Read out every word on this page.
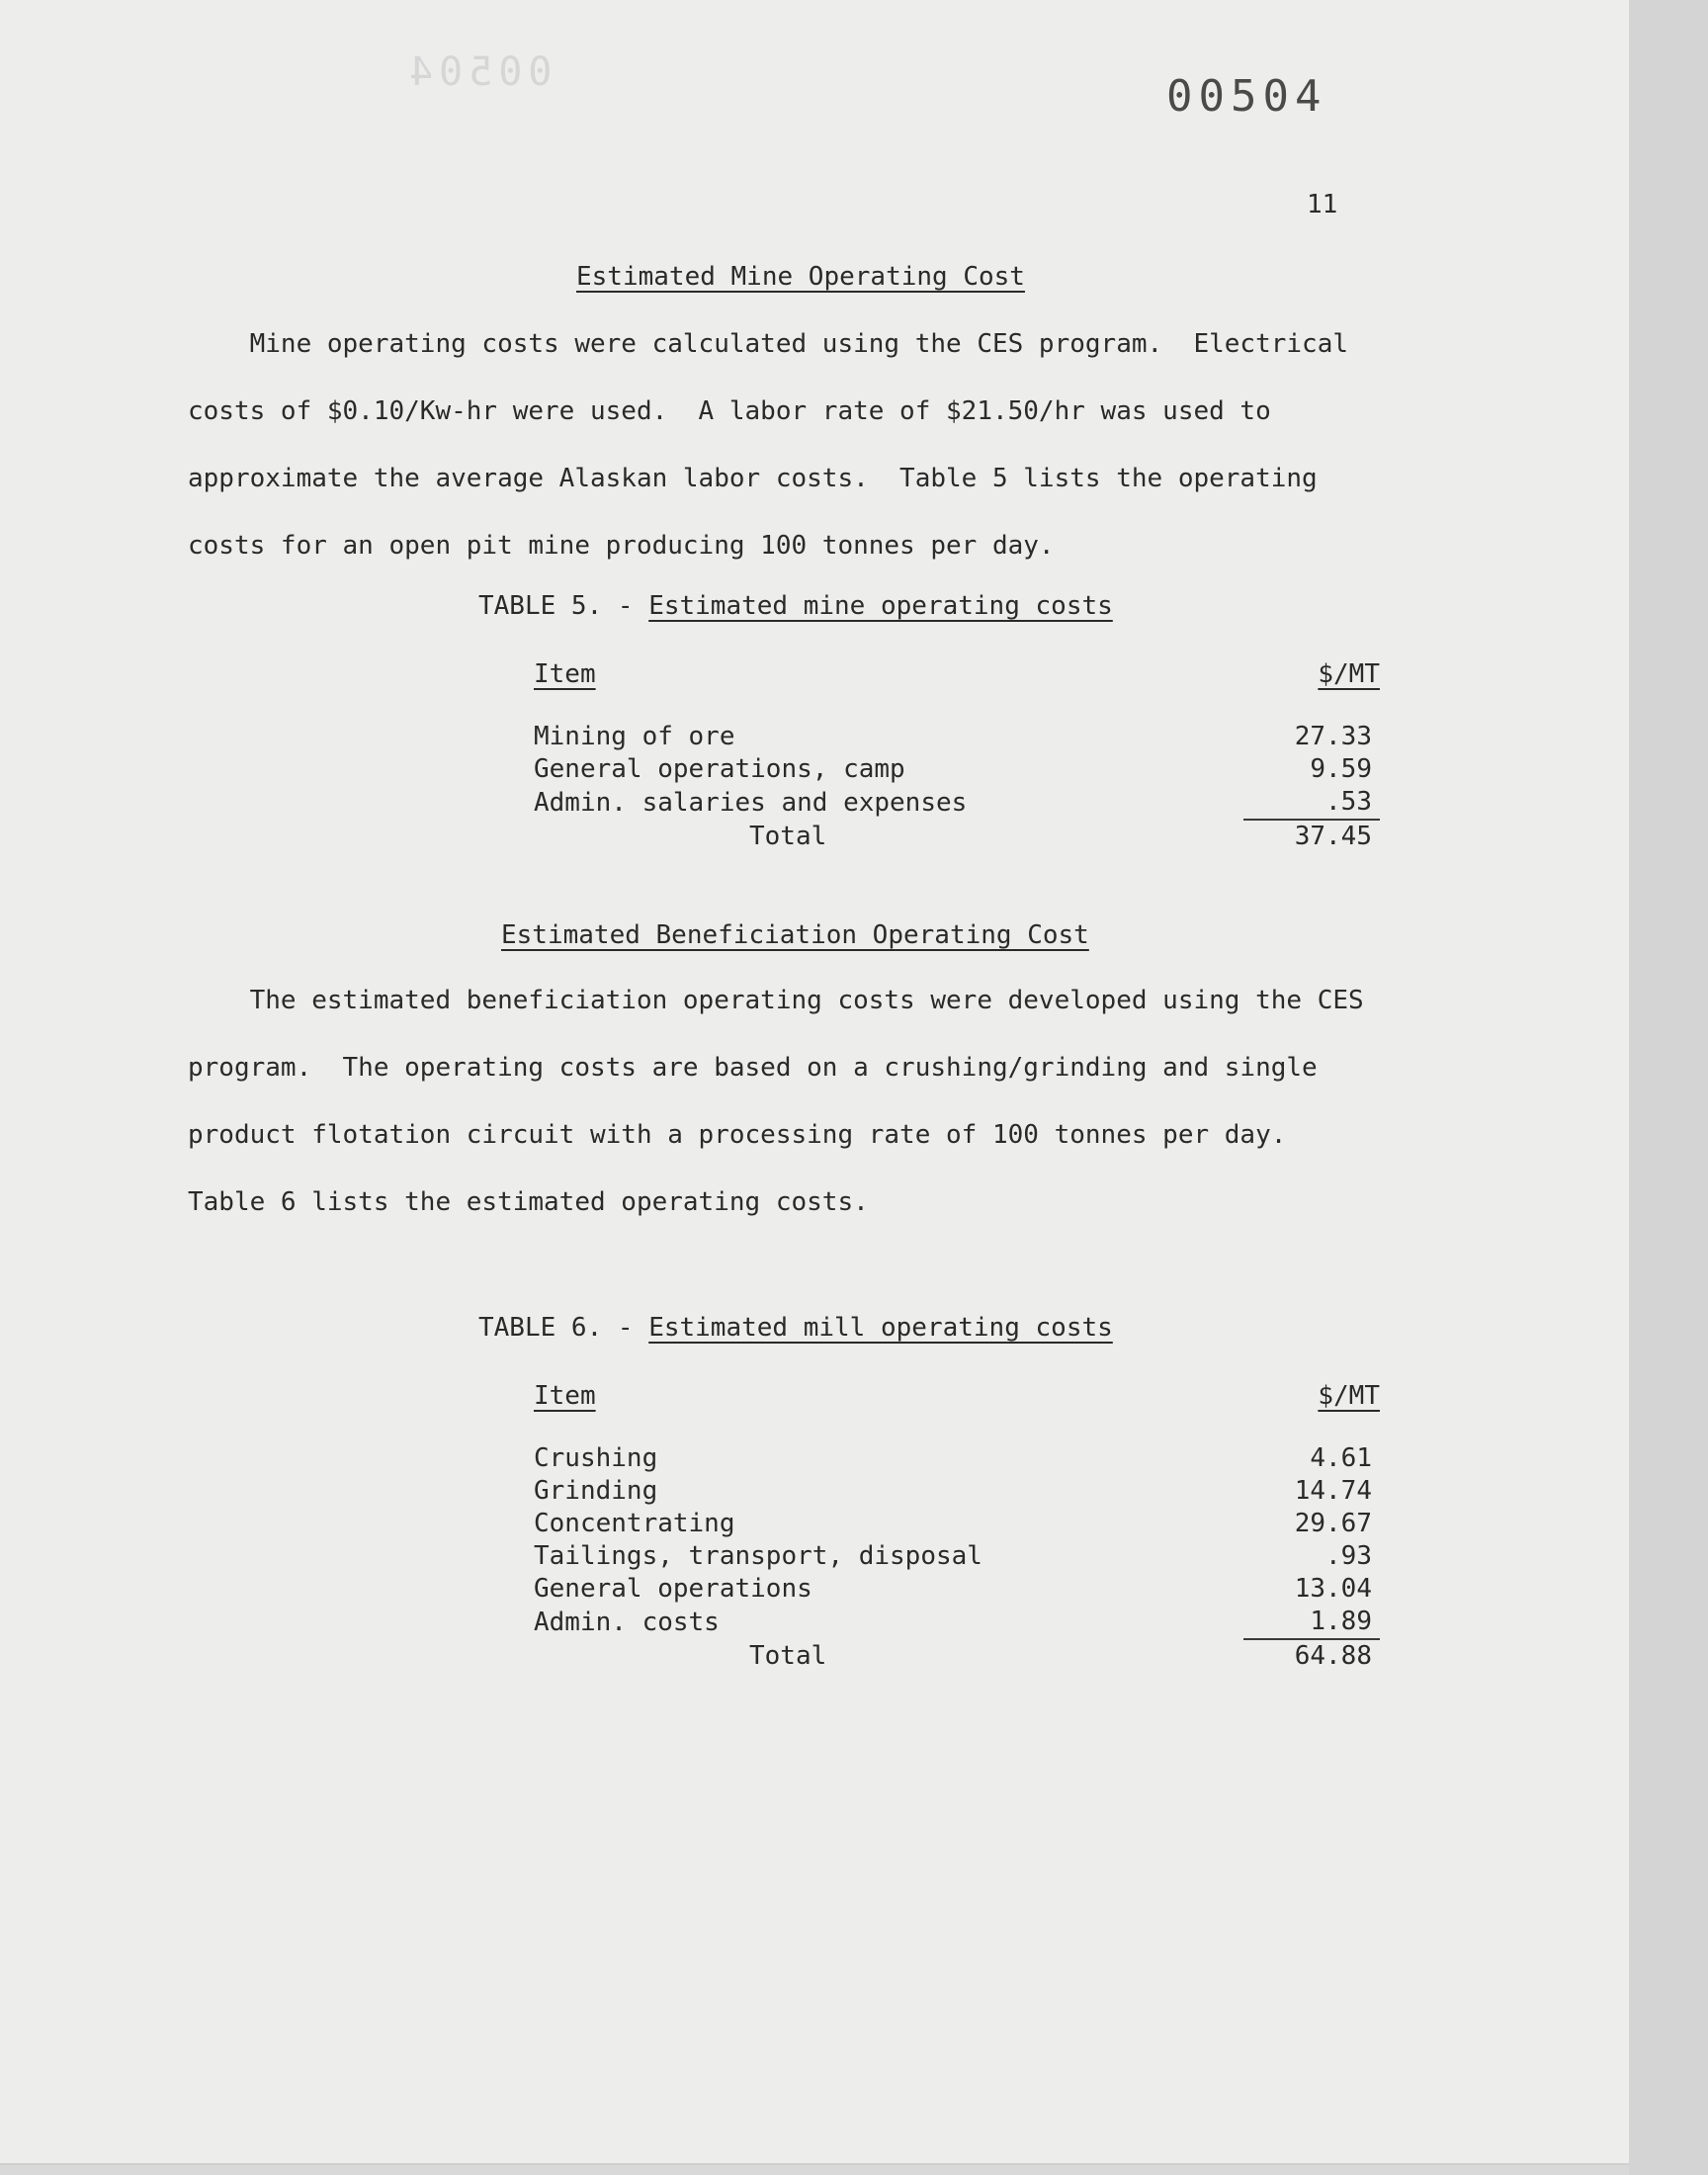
00504	00504
11
Estimated Mine Operating Cost

Mine operating costs were calculated using the CES program.  Electrical
costs of $0.10/Kw-hr were used.  A labor rate of $21.50/hr was used to
approximate the average Alaskan labor costs.  Table 5 lists the operating
costs for an open pit mine producing 100 tonnes per day.

TABLE 5. - Estimated mine operating costs
Item	$/MT
Mining of ore	27.33
General operations, camp	9.59
Admin. salaries and expenses	.53
Total	37.45
Estimated Beneficiation Operating Cost

The estimated beneficiation operating costs were developed using the CES
program.  The operating costs are based on a crushing/grinding and single
product flotation circuit with a processing rate of 100 tonnes per day.
Table 6 lists the estimated operating costs.

TABLE 6. - Estimated mill operating costs
Item	$/MT
Crushing	4.61
Grinding	14.74
Concentrating	29.67
Tailings, transport, disposal	.93
General operations	13.04
Admin. costs	1.89
Total	64.88
